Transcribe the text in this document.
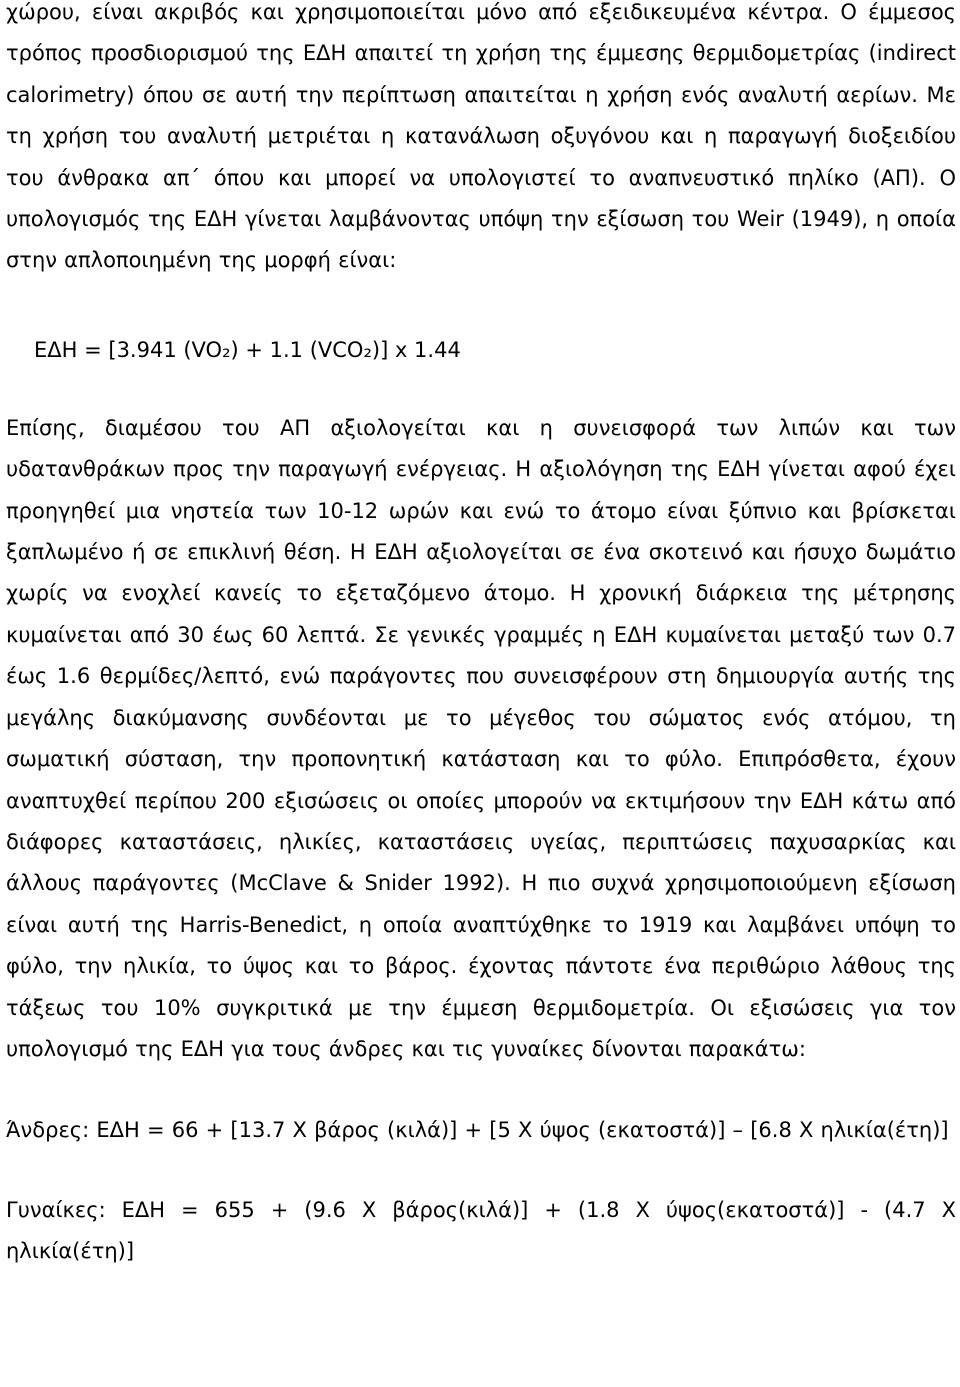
χώρου, είναι ακριβός και χρησιμοποιείται μόνο από εξειδικευμένα κέντρα. Ο έμμεσος τρόπος προσδιορισμού της ΕΔΗ απαιτεί τη χρήση της έμμεσης θερμιδομετρίας (indirect calorimetry) όπου σε αυτή την περίπτωση απαιτείται η χρήση ενός αναλυτή αερίων. Με τη χρήση του αναλυτή μετριέται η κατανάλωση οξυγόνου και η παραγωγή διοξειδίου του άνθρακα απ΄ όπου και μπορεί να υπολογιστεί το αναπνευστικό πηλίκο (ΑΠ). Ο υπολογισμός της ΕΔΗ γίνεται λαμβάνοντας υπόψη την εξίσωση του Weir (1949), η οποία στην απλοποιημένη της μορφή είναι:

ΕΔΗ = [3.941 (VO₂) + 1.1 (VCO₂)] x 1.44

Επίσης, διαμέσου του ΑΠ αξιολογείται και η συνεισφορά των λιπών και των υδατανθράκων προς την παραγωγή ενέργειας. Η αξιολόγηση της ΕΔΗ γίνεται αφού έχει προηγηθεί μια νηστεία των 10-12 ωρών και ενώ το άτομο είναι ξύπνιο και βρίσκεται ξαπλωμένο ή σε επικλινή θέση. Η ΕΔΗ αξιολογείται σε ένα σκοτεινό και ήσυχο δωμάτιο χωρίς να ενοχλεί κανείς το εξεταζόμενο άτομο. Η χρονική διάρκεια της μέτρησης κυμαίνεται από 30 έως 60 λεπτά. Σε γενικές γραμμές η ΕΔΗ κυμαίνεται μεταξύ των 0.7 έως 1.6 θερμίδες/λεπτό, ενώ παράγοντες που συνεισφέρουν στη δημιουργία αυτής της μεγάλης διακύμανσης συνδέονται με το μέγεθος του σώματος ενός ατόμου, τη σωματική σύσταση, την προπονητική κατάσταση και το φύλο. Επιπρόσθετα, έχουν αναπτυχθεί περίπου 200 εξισώσεις οι οποίες μπορούν να εκτιμήσουν την ΕΔΗ κάτω από διάφορες καταστάσεις, ηλικίες, καταστάσεις υγείας, περιπτώσεις παχυσαρκίας και άλλους παράγοντες (McClave & Snider 1992). Η πιο συχνά χρησιμοποιούμενη εξίσωση είναι αυτή της Harris-Benedict, η οποία αναπτύχθηκε το 1919 και λαμβάνει υπόψη το φύλο, την ηλικία, το ύψος και το βάρος. έχοντας πάντοτε ένα περιθώριο λάθους της τάξεως του 10% συγκριτικά με την έμμεση θερμιδομετρία. Οι εξισώσεις για τον υπολογισμό της ΕΔΗ για τους άνδρες και τις γυναίκες δίνονται παρακάτω:

Άνδρες: ΕΔΗ = 66 + [13.7 X βάρος (κιλά)] + [5 X ύψος (εκατοστά)] – [6.8 X ηλικία(έτη)]

Γυναίκες: ΕΔΗ = 655 + (9.6 X βάρος(κιλά)] + (1.8 X ύψος(εκατοστά)] - (4.7 X ηλικία(έτη)]
